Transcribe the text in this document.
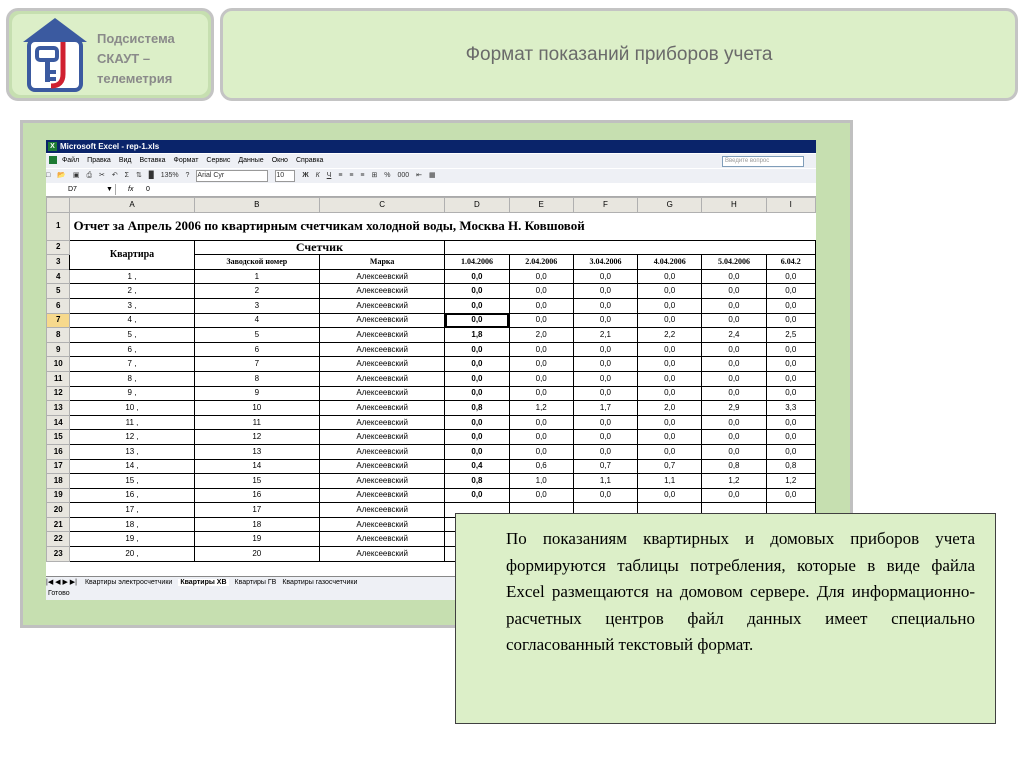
Подсистема
СКАУТ –
телеметрия
Формат показаний приборов учета
X Microsoft Excel - rep-1.xls
Файл Правка Вид Вставка Формат Сервис Данные Окно Справка	Введите вопрос
□ 📂 ▣ ⎙ ✂ ↶ Σ ⇅ █ 135% ? Arial Cyr	10	Ж К Ч ≡ ≡ ≡ ⊞ % 000 ⇤ ▦
D7	▼ fx 0
	A	B	C	D	E	F	G	H	I
1	Отчет за Апрель 2006 по квартирным счетчикам холодной воды, Москва Н. Ковшовой								
2	Квартира	Счетчик							
3		Заводской номер	Марка	1.04.2006	2.04.2006	3.04.2006	4.04.2006	5.04.2006	6.04.2
4	1 ,	1	Алексеевский	0,0	0,0	0,0	0,0	0,0	0,0
5	2 ,	2	Алексеевский	0,0	0,0	0,0	0,0	0,0	0,0
6	3 ,	3	Алексеевский	0,0	0,0	0,0	0,0	0,0	0,0
7	4 ,	4	Алексеевский	0,0	0,0	0,0	0,0	0,0	0,0
8	5 ,	5	Алексеевский	1,8	2,0	2,1	2,2	2,4	2,5
9	6 ,	6	Алексеевский	0,0	0,0	0,0	0,0	0,0	0,0
10	7 ,	7	Алексеевский	0,0	0,0	0,0	0,0	0,0	0,0
11	8 ,	8	Алексеевский	0,0	0,0	0,0	0,0	0,0	0,0
12	9 ,	9	Алексеевский	0,0	0,0	0,0	0,0	0,0	0,0
13	10 ,	10	Алексеевский	0,8	1,2	1,7	2,0	2,9	3,3
14	11 ,	11	Алексеевский	0,0	0,0	0,0	0,0	0,0	0,0
15	12 ,	12	Алексеевский	0,0	0,0	0,0	0,0	0,0	0,0
16	13 ,	13	Алексеевский	0,0	0,0	0,0	0,0	0,0	0,0
17	14 ,	14	Алексеевский	0,4	0,6	0,7	0,7	0,8	0,8
18	15 ,	15	Алексеевский	0,8	1,0	1,1	1,1	1,2	1,2
19	16 ,	16	Алексеевский	0,0	0,0	0,0	0,0	0,0	0,0
20	17 ,	17	Алексеевский						
21	18 ,	18	Алексеевский						
22	19 ,	19	Алексеевский						
23	20 ,	20	Алексеевский						
|◀ ◀ ▶ ▶| Квартиры электросчетчики Квартиры ХВ Квартиры ГВ Квартиры газосчетчики
Готово
По показаниям квартирных и домовых приборов учета формируются таблицы потребления, которые в виде файла Excel размещаются на домовом сервере. Для информационно-расчетных центров файл данных имеет специально согласованный текстовый формат.
